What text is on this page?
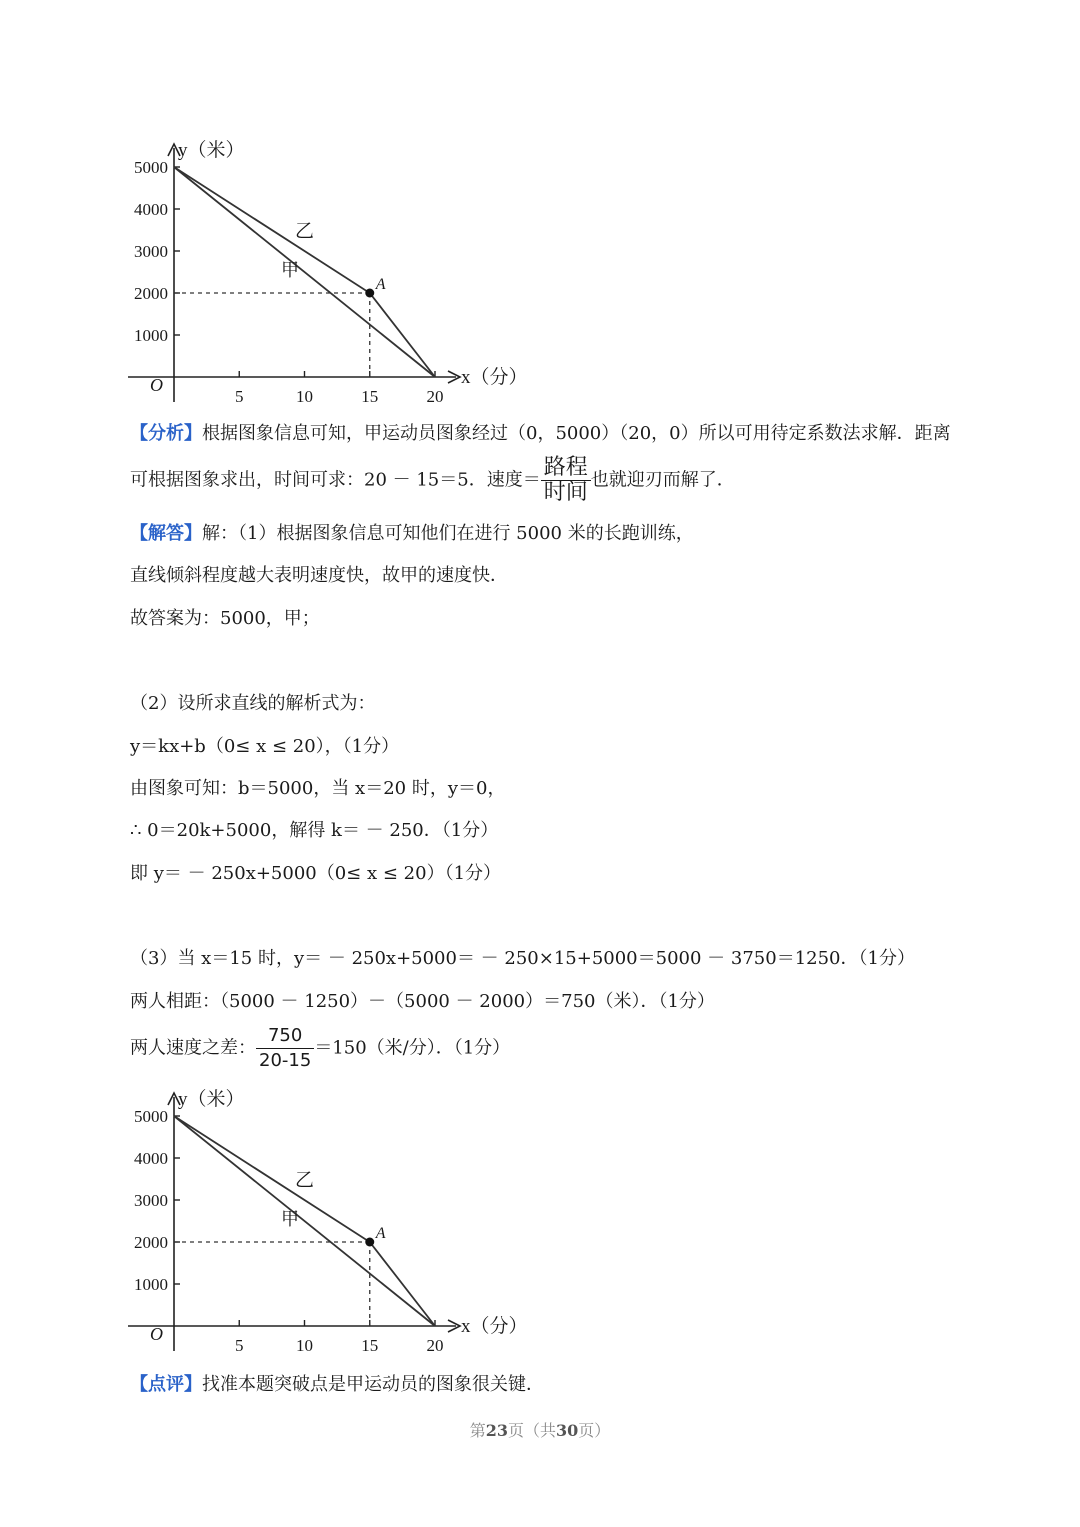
y（米）
x（分）
O
5000
4000
3000
2000
1000
5	10	15	20
A
乙
甲
【分析】根据图象信息可知，甲运动员图象经过（0，5000）（20，0）所以可用待定系数法求解．距离
可根据图象求出，时间可求：20 － 15＝5．速度＝ $\frac{\text{路程}}{\text{时间}}$ 也就迎刃而解了．
【解答】解：（1）根据图象信息可知他们在进行 5000 米的长跑训练，
直线倾斜程度越大表明速度快，故甲的速度快．
故答案为：5000，甲；
（2）设所求直线的解析式为：
y＝kx+b（0≤ x ≤ 20），（1分）
由图象可知：b＝5000，当 x＝20 时，y＝0，
∴ 0＝20k+5000，解得 k＝ － 250．（1分）
即 y＝ － 250x+5000（0≤ x ≤ 20）（1分）
（3）当 x＝15 时，y＝ － 250x+5000＝ － 250×15+5000＝5000 － 3750＝1250．（1分）
两人相距：（5000 － 1250）－（5000 － 2000）＝750（米）．（1分）
两人速度之差： $\frac{750}{20-15} =150$（米/分）．（1分）
y（米）
x（分）
O
5000
4000
3000
2000
1000
5	10	15	20
A
乙
甲
【点评】找准本题突破点是甲运动员的图象很关键．
第23页（共30页）
